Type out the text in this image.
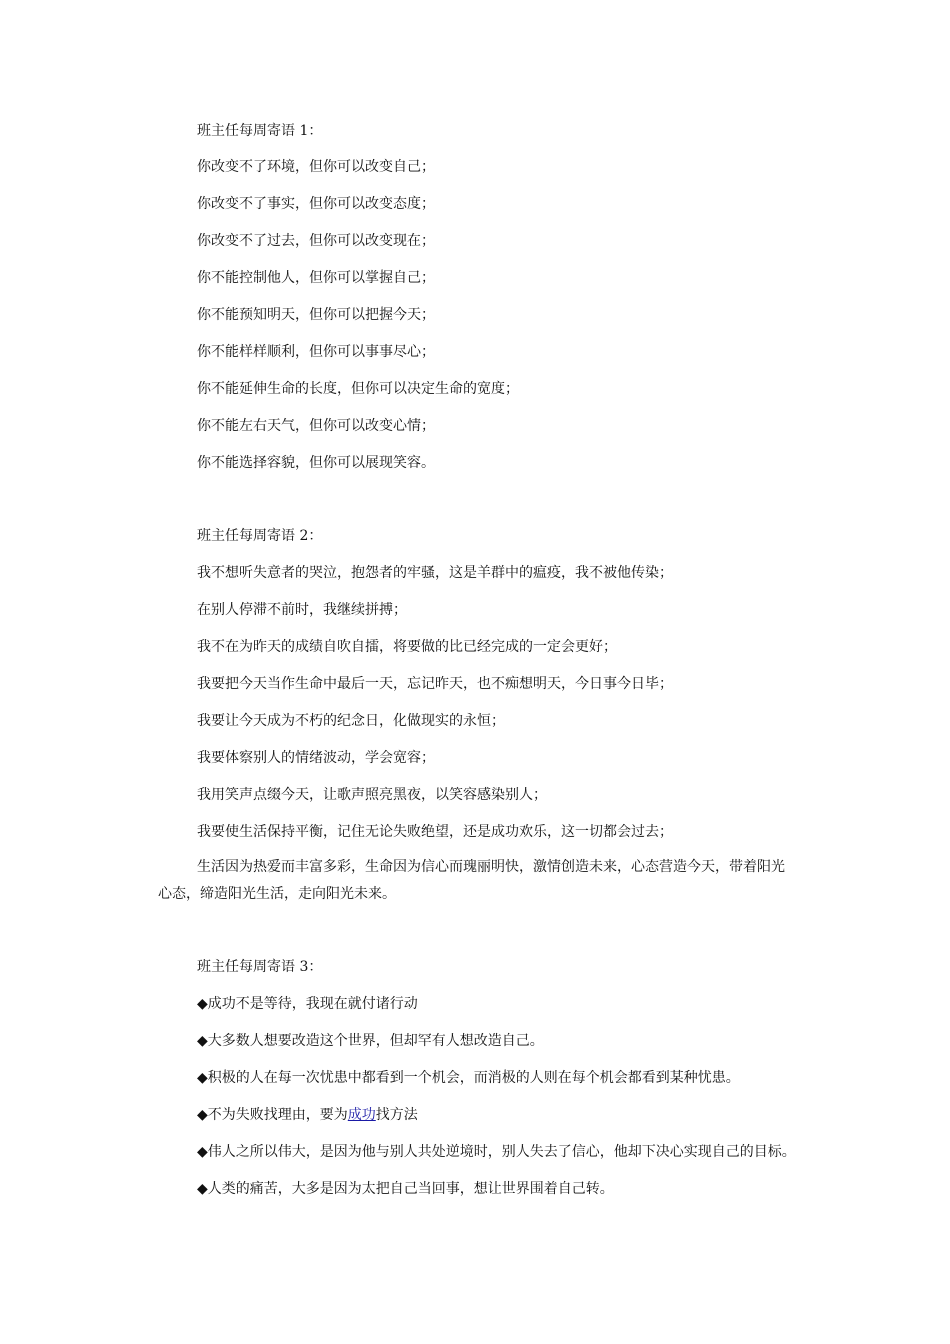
班主任每周寄语 1：
你改变不了环境，但你可以改变自己；
你改变不了事实，但你可以改变态度；
你改变不了过去，但你可以改变现在；
你不能控制他人，但你可以掌握自己；
你不能预知明天，但你可以把握今天；
你不能样样顺利，但你可以事事尽心；
你不能延伸生命的长度，但你可以决定生命的宽度；
你不能左右天气，但你可以改变心情；
你不能选择容貌，但你可以展现笑容。
班主任每周寄语 2：
我不想听失意者的哭泣，抱怨者的牢骚，这是羊群中的瘟疫，我不被他传染；
在别人停滞不前时，我继续拼搏；
我不在为昨天的成绩自吹自擂，将要做的比已经完成的一定会更好；
我要把今天当作生命中最后一天，忘记昨天，也不痴想明天，今日事今日毕；
我要让今天成为不朽的纪念日，化做现实的永恒；
我要体察别人的情绪波动，学会宽容；
我用笑声点缀今天，让歌声照亮黑夜，以笑容感染别人；
我要使生活保持平衡，记住无论失败绝望，还是成功欢乐，这一切都会过去；
生活因为热爱而丰富多彩，生命因为信心而瑰丽明快，激情创造未来，心态营造今天，带着阳光心态，缔造阳光生活，走向阳光未来。
班主任每周寄语 3：
◆成功不是等待，我现在就付诸行动
◆大多数人想要改造这个世界，但却罕有人想改造自己。
◆积极的人在每一次忧患中都看到一个机会，而消极的人则在每个机会都看到某种忧患。
◆不为失败找理由，要为成功找方法
◆伟人之所以伟大，是因为他与别人共处逆境时，别人失去了信心，他却下决心实现自己的目标。
◆人类的痛苦，大多是因为太把自己当回事，想让世界围着自己转。
